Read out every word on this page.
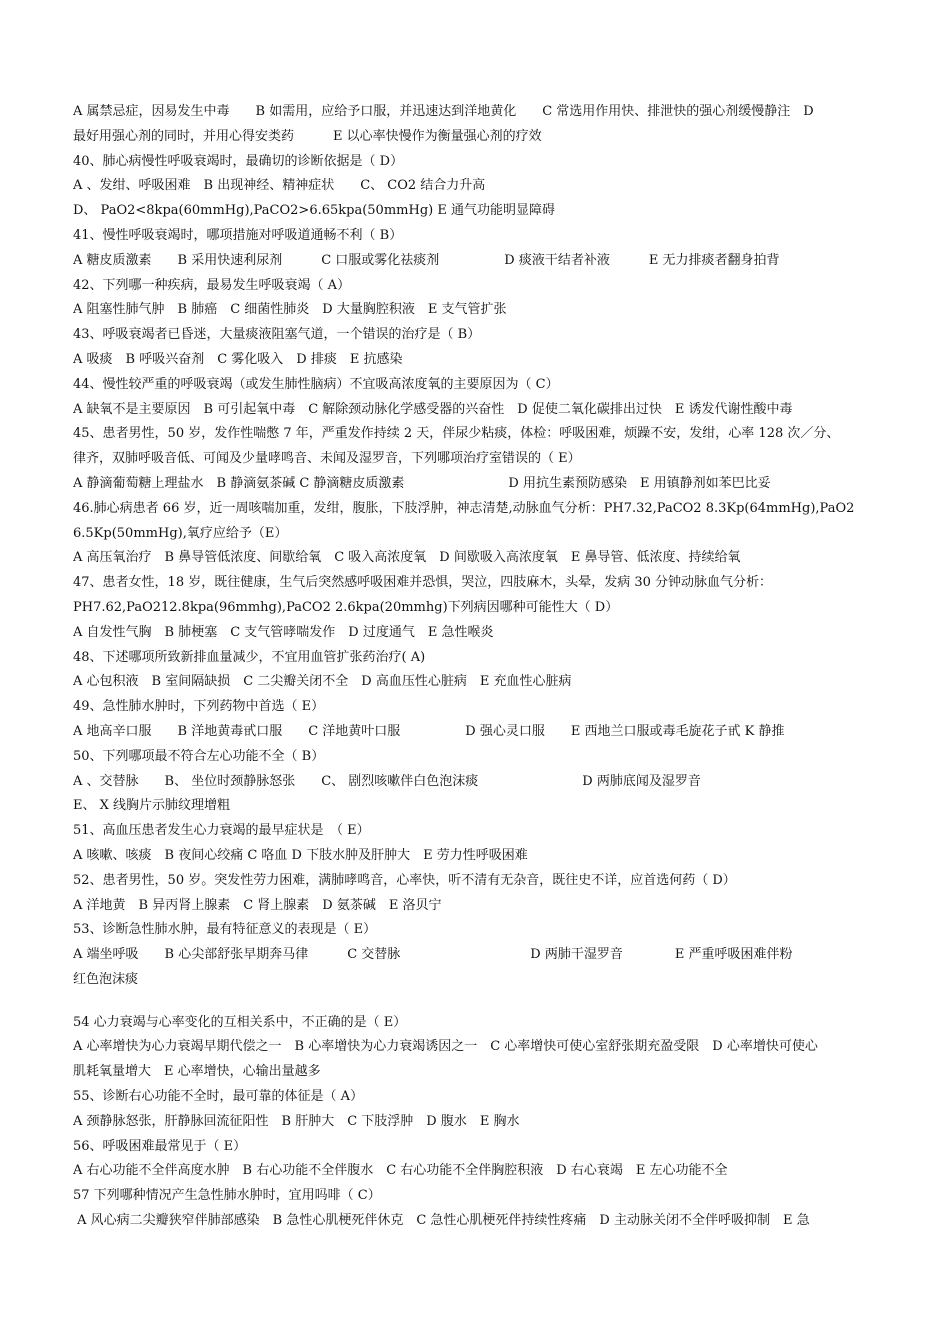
A 属禁忌症，因易发生中毒　　B 如需用，应给予口服，并迅速达到洋地黄化　　C 常选用作用快、排泄快的强心剂缓慢静注　D
最好用强心剂的同时，并用心得安类药　　　E 以心率快慢作为衡量强心剂的疗效
40、肺心病慢性呼吸衰竭时，最确切的诊断依据是（ D）
A 、发绀、呼吸困难　B 出现神经、精神症状　　C、 CO2 结合力升高
D、 PaO2<8kpa(60mmHg),PaCO2>6.65kpa(50mmHg) E 通气功能明显障碍
41、慢性呼吸衰竭时，哪项措施对呼吸道通畅不利（ B）
A 糖皮质激素　　B 采用快速利尿剂　　　C 口服或雾化祛痰剂　　　　　D 痰液干结者补液　　　E 无力排痰者翻身拍背
42、下列哪一种疾病，最易发生呼吸衰竭（ A）
A 阻塞性肺气肿　B 肺癌　C 细菌性肺炎　D 大量胸腔积液　E 支气管扩张
43、呼吸衰竭者已昏迷，大量痰液阻塞气道，一个错误的治疗是（ B）
A 吸痰　B 呼吸兴奋剂　C 雾化吸入　D 排痰　E 抗感染
44、慢性较严重的呼吸衰竭（或发生肺性脑病）不宜吸高浓度氧的主要原因为（ C）
A 缺氧不是主要原因　B 可引起氧中毒　C 解除颈动脉化学感受器的兴奋性　D 促使二氧化碳排出过快　E 诱发代谢性酸中毒
45、患者男性，50 岁，发作性喘憋 7 年，严重发作持续 2 天，伴尿少粘痰，体检：呼吸困难，烦躁不安，发绀，心率 128 次／分、
律齐，双肺呼吸音低、可闻及少量哮鸣音、未闻及湿罗音，下列哪项治疗室错误的（ E）
A 静滴葡萄糖上理盐水　B 静滴氨茶碱 C 静滴糖皮质激素　　　　　　　　D 用抗生素预防感染　E 用镇静剂如苯巴比妥
46.肺心病患者 66 岁，近一周咳喘加重，发绀，腹胀，下肢浮肿，神志清楚,动脉血气分析：PH7.32,PaCO2 8.3Kp(64mmHg),PaO2
6.5Kp(50mmHg),氧疗应给予（E）
A 高压氧治疗　B 鼻导管低浓度、间歇给氧　C 吸入高浓度氧　D 间歇吸入高浓度氧　E 鼻导管、低浓度、持续给氧
47、患者女性，18 岁，既往健康，生气后突然感呼吸困难并恐惧，哭泣，四肢麻木，头晕，发病 30 分钟动脉血气分析：
PH7.62,PaO212.8kpa(96mmhg),PaCO2 2.6kpa(20mmhg)下列病因哪种可能性大（ D）
A 自发性气胸　B 肺梗塞　C 支气管哮喘发作　D 过度通气　E 急性喉炎
48、下述哪项所致新排血量减少，不宜用血管扩张药治疗( A)
A 心包积液　B 室间隔缺损　C 二尖瓣关闭不全　D 高血压性心脏病　E 充血性心脏病
49、急性肺水肿时，下列药物中首选（ E）
A 地高辛口服　　B 洋地黄毒甙口服　　C 洋地黄叶口服　　　　　D 强心灵口服　　E 西地兰口服或毒毛旋花子甙 K 静推
50、下列哪项最不符合左心功能不全（ B）
A 、交替脉　　B、 坐位时颈静脉怒张　　C、 剧烈咳嗽伴白色泡沫痰　　　　　　　　D 两肺底闻及湿罗音
E、 X 线胸片示肺纹理增粗
51、高血压患者发生心力衰竭的最早症状是　（ E）
A 咳嗽、咳痰　B 夜间心绞痛 C 咯血 D 下肢水肿及肝肿大　E 劳力性呼吸困难
52、患者男性，50 岁。突发性劳力困难，满肺哮鸣音，心率快，听不清有无杂音，既往史不详，应首选何药（ D）
A 洋地黄　B 异丙肾上腺素　C 肾上腺素　D 氨茶碱　E 洛贝宁
53、诊断急性肺水肿，最有特征意义的表现是（ E）
A 端坐呼吸　　B 心尖部舒张早期奔马律　　　C 交替脉　　　　　　　　　　D 两肺干湿罗音　　　　E 严重呼吸困难伴粉
红色泡沫痰
54 心力衰竭与心率变化的互相关系中，不正确的是（ E）
A 心率增快为心力衰竭早期代偿之一　B 心率增快为心力衰竭诱因之一　C 心率增快可使心室舒张期充盈受限　D 心率增快可使心
肌耗氧量增大　E 心率增快，心输出量越多
55、诊断右心功能不全时，最可靠的体征是（ A）
A 颈静脉怒张，肝静脉回流征阳性　B 肝肿大　C 下肢浮肿　D 腹水　E 胸水
56、呼吸困难最常见于（ E）
A 右心功能不全伴高度水肿　B 右心功能不全伴腹水　C 右心功能不全伴胸腔积液　D 右心衰竭　E 左心功能不全
57 下列哪种情况产生急性肺水肿时，宜用吗啡（ C）
A 风心病二尖瓣狭窄伴肺部感染　B 急性心肌梗死伴休克　C 急性心肌梗死伴持续性疼痛　D 主动脉关闭不全伴呼吸抑制　E 急
